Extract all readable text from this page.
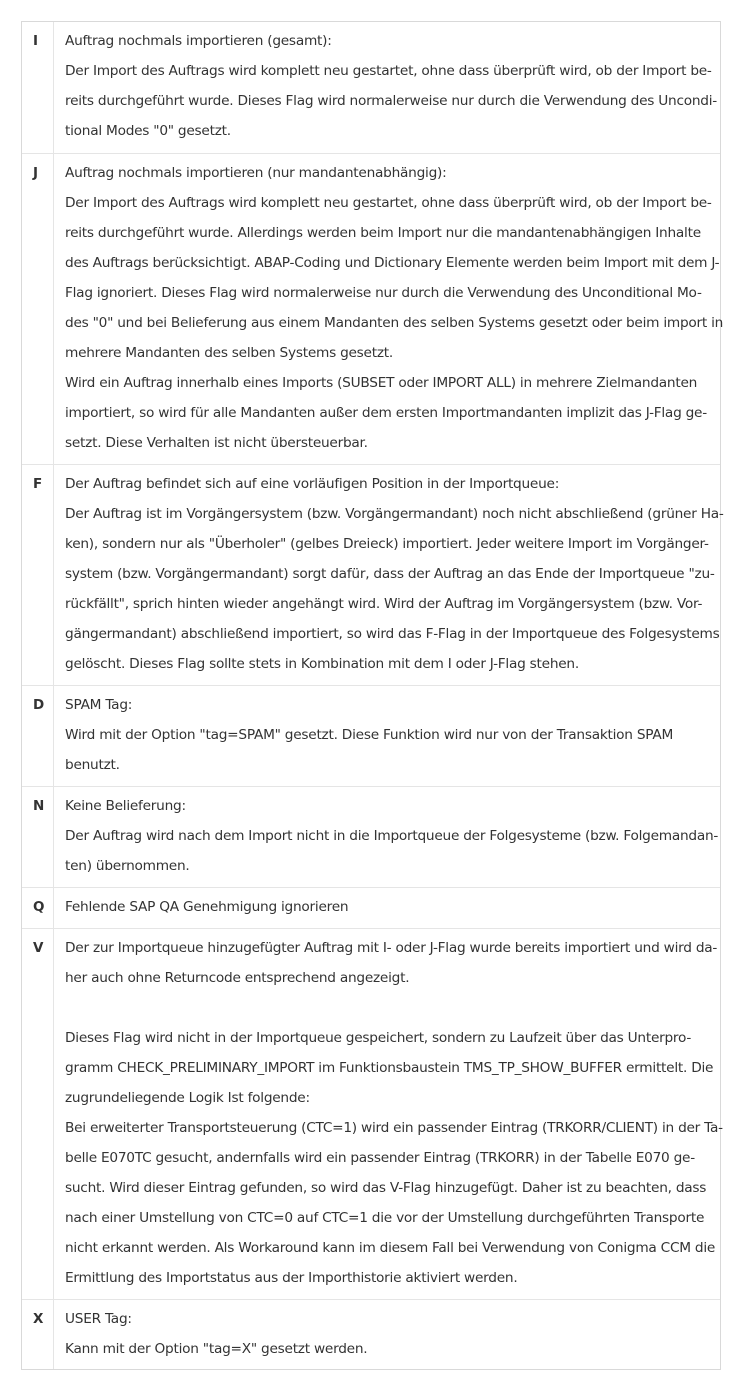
I	Auftrag nochmals importieren (gesamt):
Der Import des Auftrags wird komplett neu gestartet, ohne dass überprüft wird, ob der Import be-
reits durchgeführt wurde. Dieses Flag wird normalerweise nur durch die Verwendung des Uncondi-
tional Modes "0" gesetzt.
J	Auftrag nochmals importieren (nur mandantenabhängig):
Der Import des Auftrags wird komplett neu gestartet, ohne dass überprüft wird, ob der Import be-
reits durchgeführt wurde. Allerdings werden beim Import nur die mandantenabhängigen Inhalte
des Auftrags berücksichtigt. ABAP-Coding und Dictionary Elemente werden beim Import mit dem J-
Flag ignoriert. Dieses Flag wird normalerweise nur durch die Verwendung des Unconditional Mo-
des "0" und bei Belieferung aus einem Mandanten des selben Systems gesetzt oder beim import in
mehrere Mandanten des selben Systems gesetzt.
Wird ein Auftrag innerhalb eines Imports (SUBSET oder IMPORT ALL) in mehrere Zielmandanten
importiert, so wird für alle Mandanten außer dem ersten Importmandanten implizit das J-Flag ge-
setzt. Diese Verhalten ist nicht übersteuerbar.
F	Der Auftrag befindet sich auf eine vorläufigen Position in der Importqueue:
Der Auftrag ist im Vorgängersystem (bzw. Vorgängermandant) noch nicht abschließend (grüner Ha-
ken), sondern nur als "Überholer" (gelbes Dreieck) importiert. Jeder weitere Import im Vorgänger-
system (bzw. Vorgängermandant) sorgt dafür, dass der Auftrag an das Ende der Importqueue "zu-
rückfällt", sprich hinten wieder angehängt wird. Wird der Auftrag im Vorgängersystem (bzw. Vor-
gängermandant) abschließend importiert, so wird das F-Flag in der Importqueue des Folgesystems
gelöscht. Dieses Flag sollte stets in Kombination mit dem I oder J-Flag stehen.
D	SPAM Tag:
Wird mit der Option "tag=SPAM" gesetzt. Diese Funktion wird nur von der Transaktion SPAM
benutzt.
N	Keine Belieferung:
Der Auftrag wird nach dem Import nicht in die Importqueue der Folgesysteme (bzw. Folgemandan-
ten) übernommen.
Q	Fehlende SAP QA Genehmigung ignorieren
V	Der zur Importqueue hinzugefügter Auftrag mit I- oder J-Flag wurde bereits importiert und wird da-
her auch ohne Returncode entsprechend angezeigt.
Dieses Flag wird nicht in der Importqueue gespeichert, sondern zu Laufzeit über das Unterpro-
gramm CHECK_PRELIMINARY_IMPORT im Funktionsbaustein TMS_TP_SHOW_BUFFER ermittelt. Die
zugrundeliegende Logik Ist folgende:
Bei erweiterter Transportsteuerung (CTC=1) wird ein passender Eintrag (TRKORR/CLIENT) in der Ta-
belle E070TC gesucht, andernfalls wird ein passender Eintrag (TRKORR) in der Tabelle E070 ge-
sucht. Wird dieser Eintrag gefunden, so wird das V-Flag hinzugefügt. Daher ist zu beachten, dass
nach einer Umstellung von CTC=0 auf CTC=1 die vor der Umstellung durchgeführten Transporte
nicht erkannt werden. Als Workaround kann im diesem Fall bei Verwendung von Conigma CCM die
Ermittlung des Importstatus aus der Importhistorie aktiviert werden.
X	USER Tag:
Kann mit der Option "tag=X" gesetzt werden.
